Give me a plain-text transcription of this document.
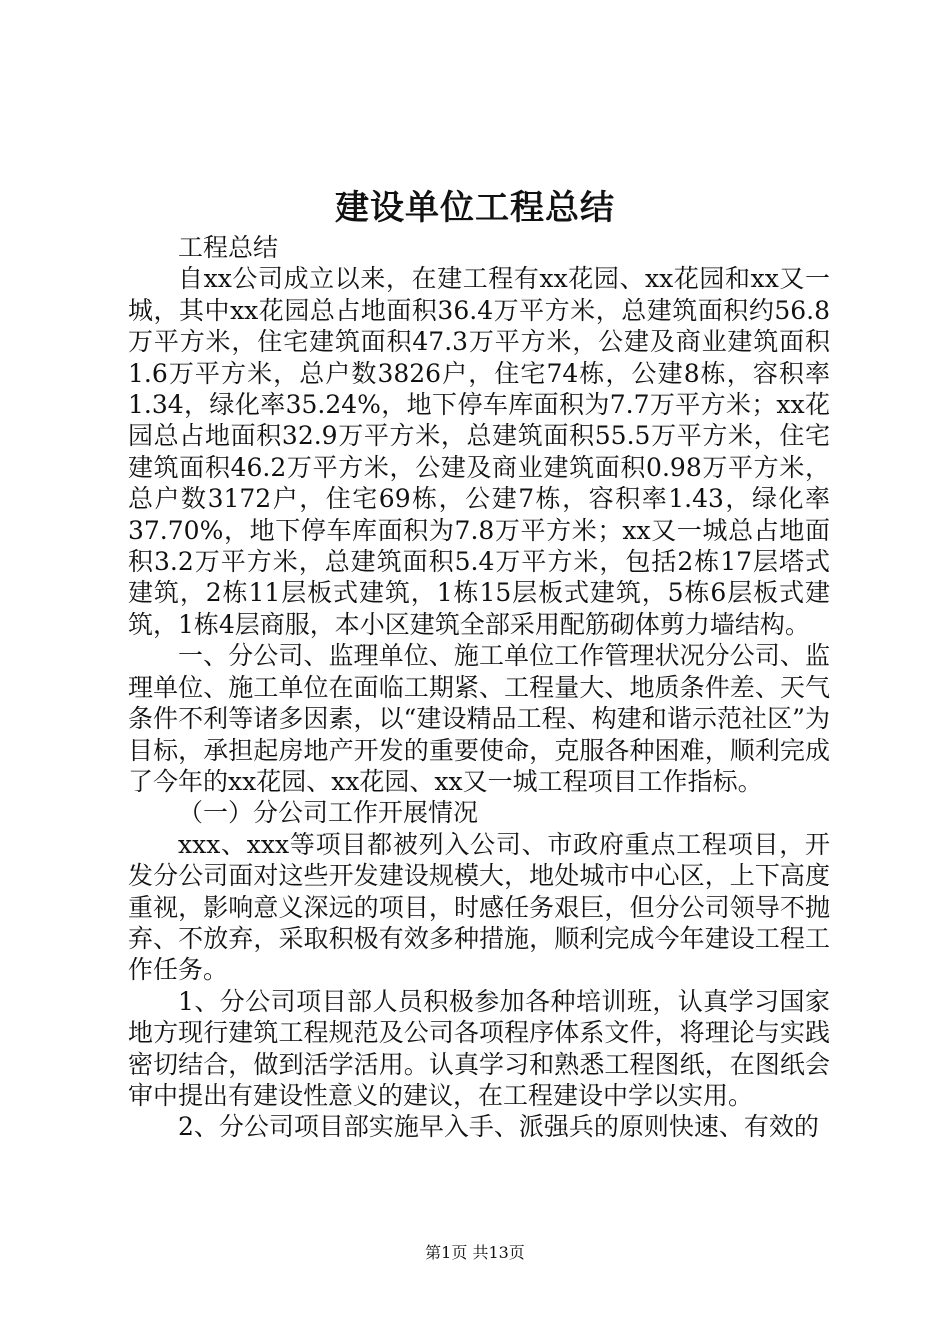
建设单位工程总结

工程总结

自xx公司成立以来，在建工程有xx花园、xx花园和xx又一城，其中xx花园总占地面积36.4万平方米，总建筑面积约56.8万平方米，住宅建筑面积47.3万平方米，公建及商业建筑面积1.6万平方米，总户数3826户，住宅74栋，公建8栋，容积率1.34，绿化率35.24%，地下停车库面积为7.7万平方米；xx花园总占地面积32.9万平方米，总建筑面积55.5万平方米，住宅建筑面积46.2万平方米，公建及商业建筑面积0.98万平方米，总户数3172户，住宅69栋，公建7栋，容积率1.43，绿化率37.70%，地下停车库面积为7.8万平方米；xx又一城总占地面积3.2万平方米，总建筑面积5.4万平方米，包括2栋17层塔式建筑，2栋11层板式建筑，1栋15层板式建筑，5栋6层板式建筑，1栋4层商服，本小区建筑全部采用配筋砌体剪力墙结构。

一、分公司、监理单位、施工单位工作管理状况分公司、监理单位、施工单位在面临工期紧、工程量大、地质条件差、天气条件不利等诸多因素，以“建设精品工程、构建和谐示范社区”为目标，承担起房地产开发的重要使命，克服各种困难，顺利完成了今年的xx花园、xx花园、xx又一城工程项目工作指标。

（一）分公司工作开展情况

xxx、xxx等项目都被列入公司、市政府重点工程项目，开发分公司面对这些开发建设规模大，地处城市中心区，上下高度重视，影响意义深远的项目，时感任务艰巨，但分公司领导不抛弃、不放弃，采取积极有效多种措施，顺利完成今年建设工程工作任务。

1、分公司项目部人员积极参加各种培训班，认真学习国家地方现行建筑工程规范及公司各项程序体系文件，将理论与实践密切结合，做到活学活用。认真学习和熟悉工程图纸，在图纸会审中提出有建设性意义的建议，在工程建设中学以实用。

2、分公司项目部实施早入手、派强兵的原则快速、有效的

第1页 共13页
